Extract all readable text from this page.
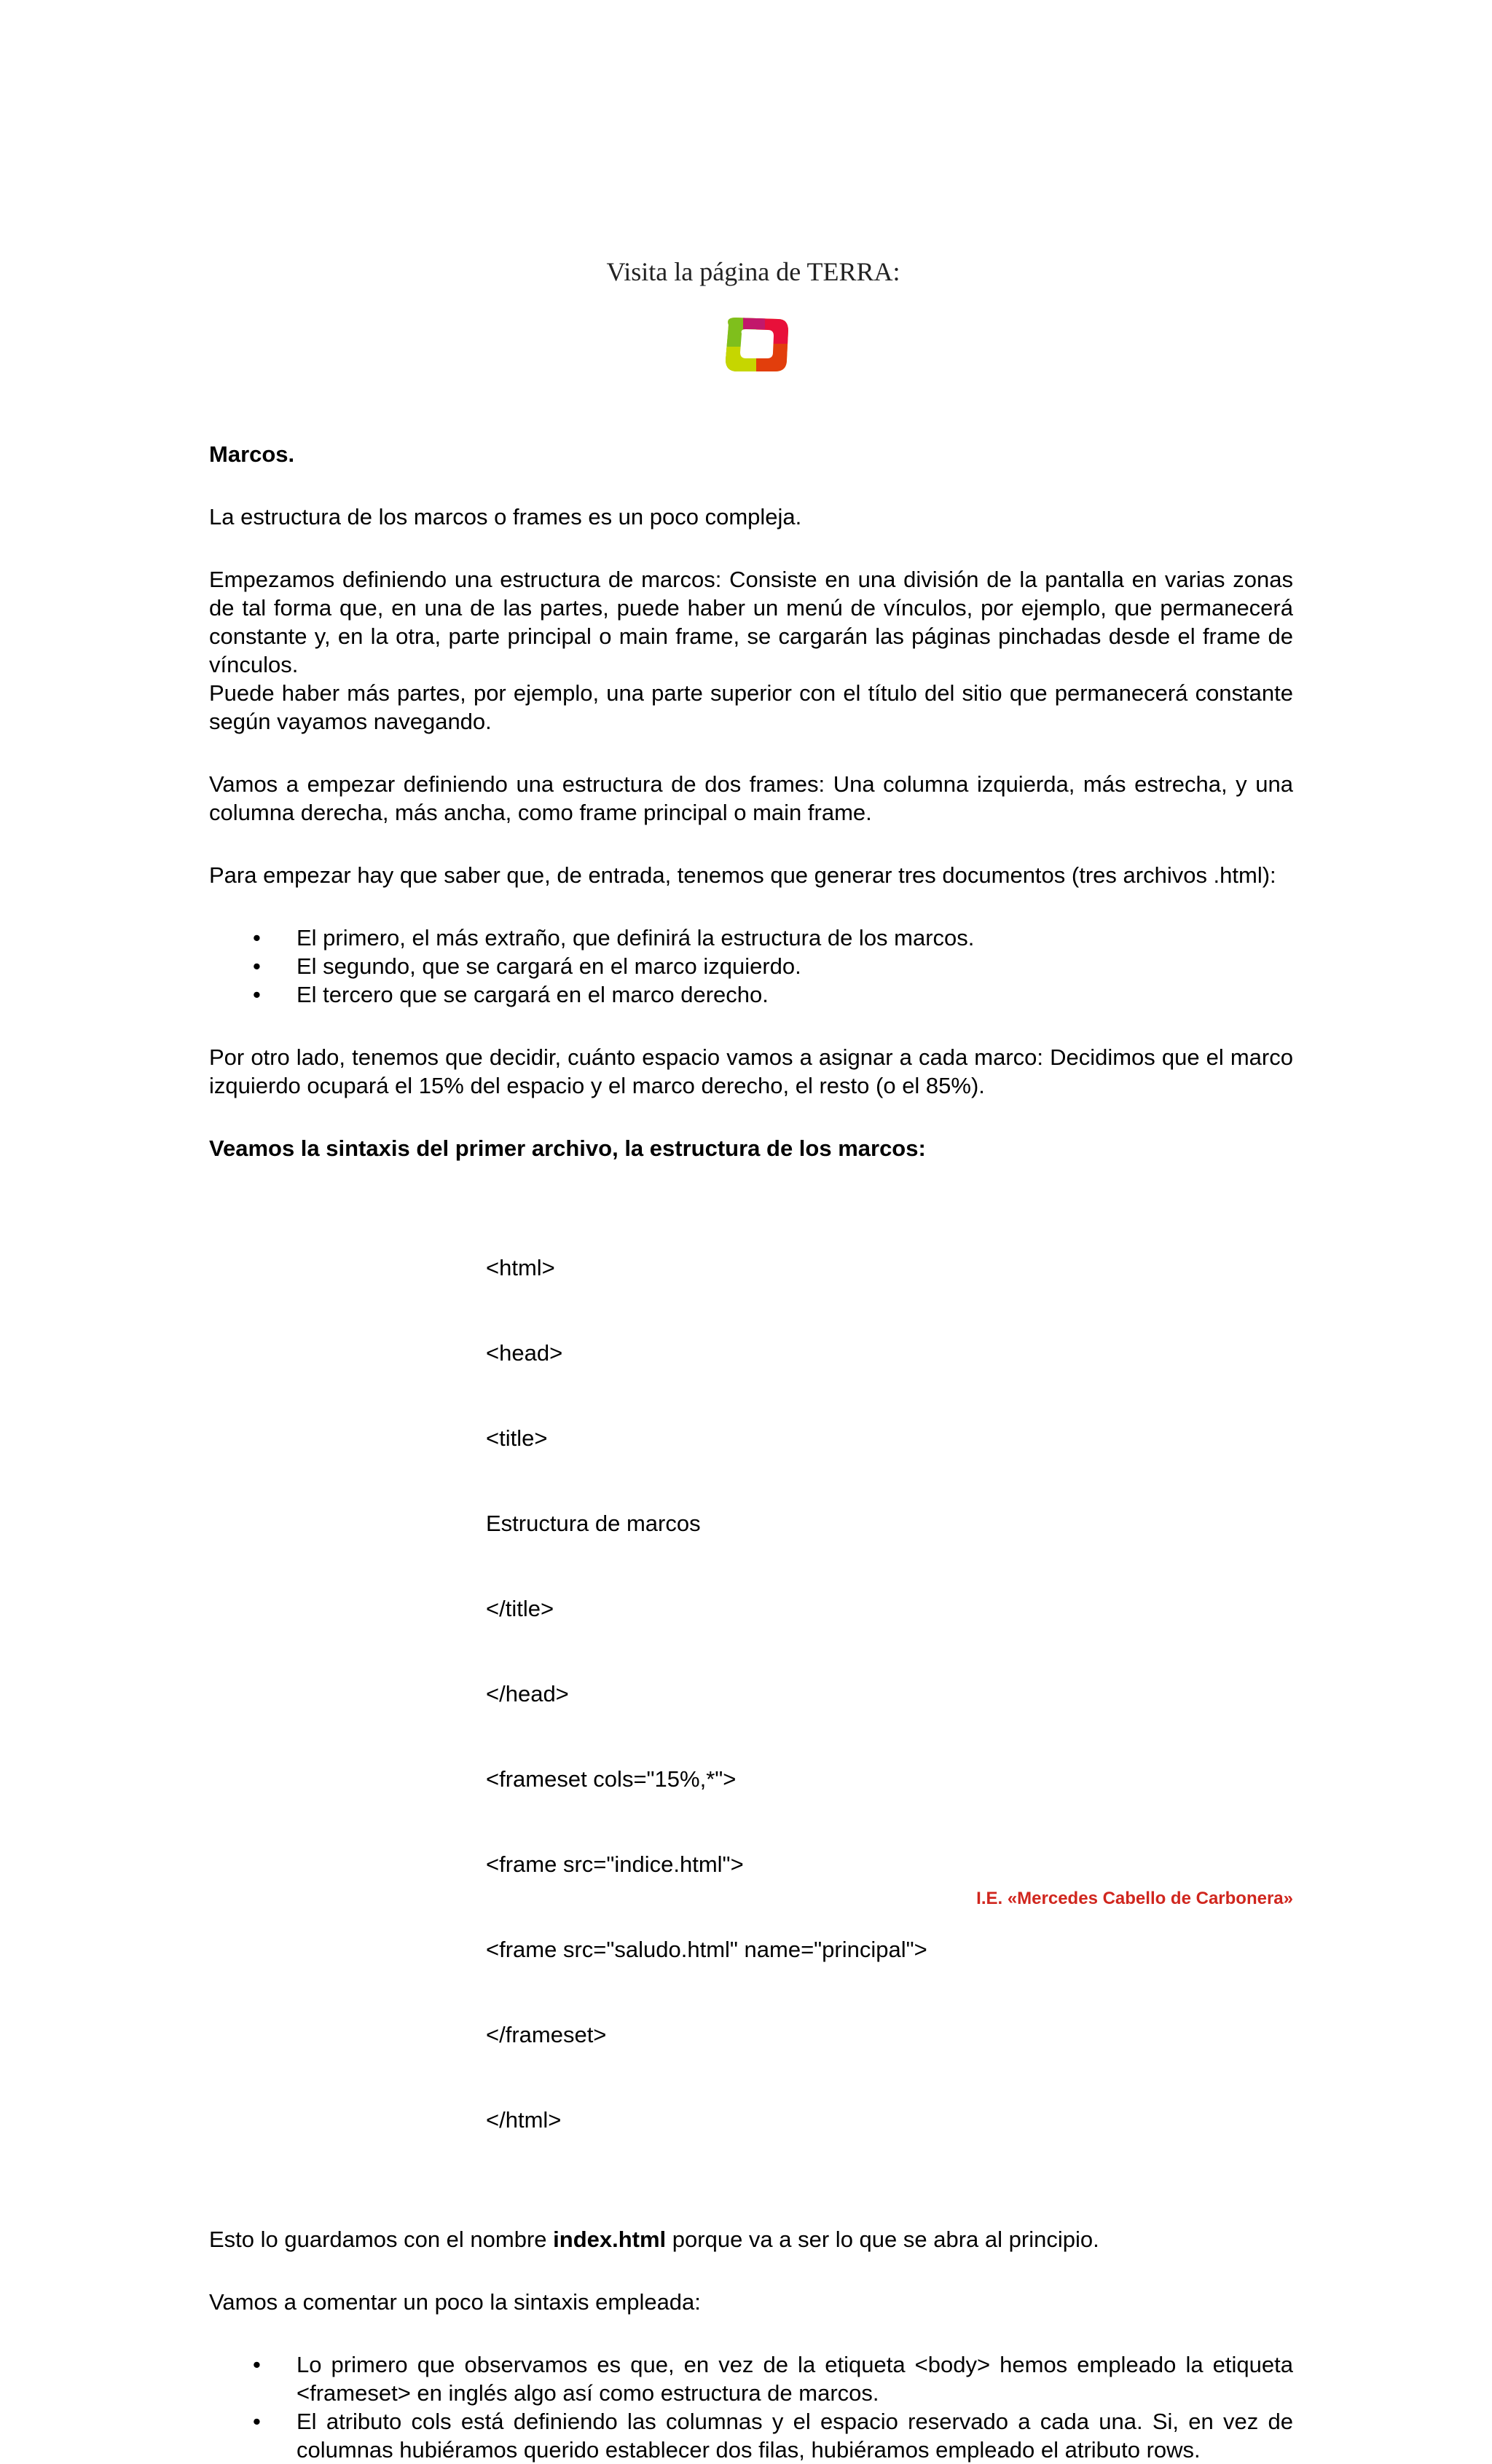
Visita la página de TERRA:

Marcos.

La estructura de los marcos o frames es un poco compleja.

Empezamos definiendo una estructura de marcos: Consiste en una división de la pantalla en varias zonas de tal forma que, en una de las partes, puede haber un menú de vínculos, por ejemplo, que permanecerá constante y, en la otra, parte principal o main frame, se cargarán las páginas pinchadas desde el frame de vínculos.

Puede haber más partes, por ejemplo, una parte superior con el título del sitio que permanecerá constante según vayamos navegando.

Vamos a empezar definiendo una estructura de dos frames: Una columna izquierda, más estrecha, y una columna derecha, más ancha, como frame principal o main frame.

Para empezar hay que saber que, de entrada, tenemos que generar tres documentos (tres archivos .html):

• El primero, el más extraño, que definirá la estructura de los marcos.
• El segundo, que se cargará en el marco izquierdo.
• El tercero que se cargará en el marco derecho.

Por otro lado, tenemos que decidir, cuánto espacio vamos a asignar a cada marco: Decidimos que el marco izquierdo ocupará el 15% del espacio y el marco derecho, el resto (o el 85%).

Veamos la sintaxis del primer archivo, la estructura de los marcos:

<html>

<head>

<title>

Estructura de marcos

</title>

</head>

<frameset cols="15%,*">

<frame src="indice.html">

<frame src="saludo.html" name="principal">

</frameset>

</html>

Esto lo guardamos con el nombre index.html porque va a ser lo que se abra al principio.

Vamos a comentar un poco la sintaxis empleada:

• Lo primero que observamos es que, en vez de la etiqueta <body> hemos empleado la etiqueta <frameset> en inglés algo así como estructura de marcos.
• El atributo cols está definiendo las columnas y el espacio reservado a cada una. Si, en vez de columnas hubiéramos querido establecer dos filas, hubiéramos empleado el atributo rows.
I.E. «Mercedes Cabello de Carbonera»
